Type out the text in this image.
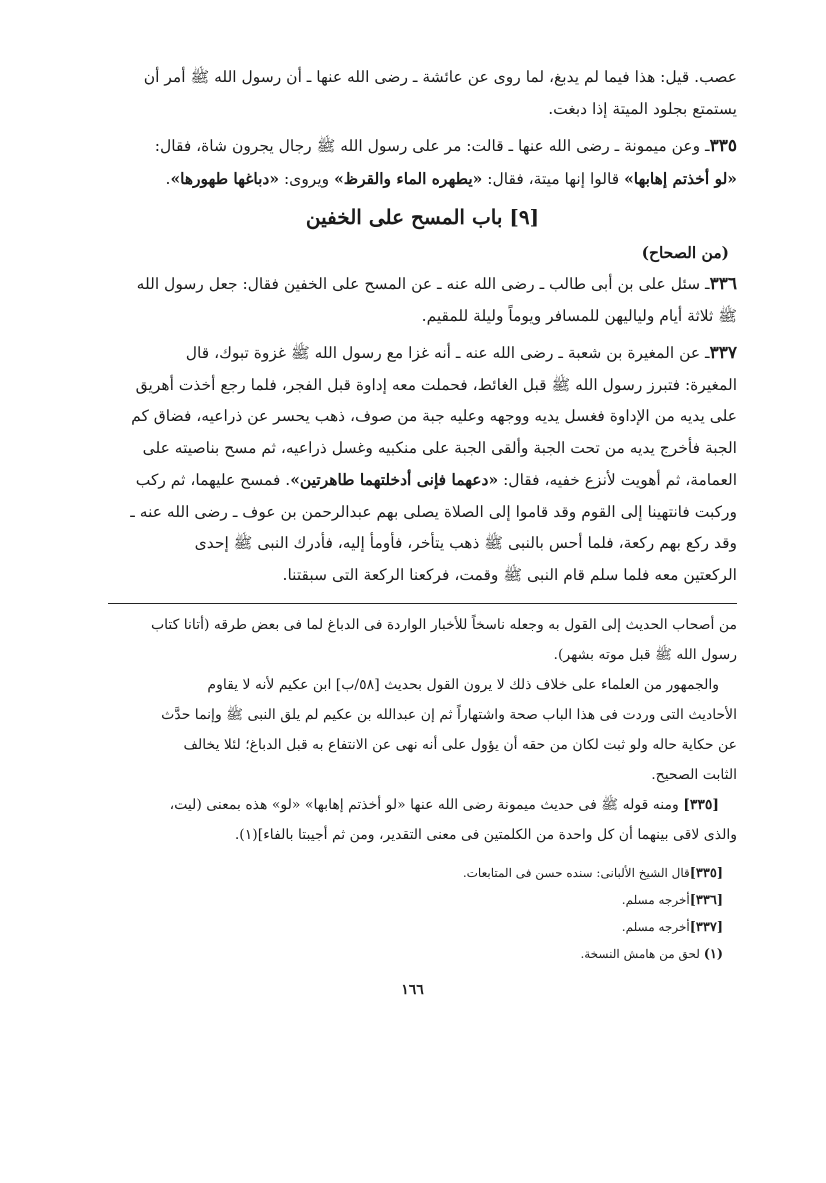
عصب. قيل: هذا فيما لم يدبغ، لما روى عن عائشة ـ رضى الله عنها ـ أن رسول الله ﷺ أمر أن

يستمتع بجلود الميتة إذا دبغت.

٣٣٥ـ وعن ميمونة ـ رضى الله عنها ـ قالت: مر على رسول الله ﷺ رجال يجرون شاة، فقال:

«لو أخذتم إهابها» قالوا إنها ميتة، فقال: «يطهره الماء والقرظ» ويروى: «دباغها طهورها».

[٩] باب المسح على الخفين

(من الصحاح)

٣٣٦ـ سئل على بن أبى طالب ـ رضى الله عنه ـ عن المسح على الخفين فقال: جعل رسول الله

ﷺ ثلاثة أيام ولياليهن للمسافر ويوماً وليلة للمقيم.

٣٣٧ـ عن المغيرة بن شعبة ـ رضى الله عنه ـ أنه غزا مع رسول الله ﷺ غزوة تبوك، قال

المغيرة: فتبرز رسول الله ﷺ قبل الغائط، فحملت معه إداوة قبل الفجر، فلما رجع أخذت أهريق

على يديه من الإداوة فغسل يديه ووجهه وعليه جبة من صوف، ذهب يحسر عن ذراعيه، فضاق كم

الجبة فأخرج يديه من تحت الجبة وألقى الجبة على منكبيه وغسل ذراعيه، ثم مسح بناصيته على

العمامة، ثم أهويت لأنزع خفيه، فقال: «دعهما فإنى أدخلتهما طاهرتين». فمسح عليهما، ثم ركب

وركبت فانتهينا إلى القوم وقد قاموا إلى الصلاة يصلى بهم عبدالرحمن بن عوف ـ رضى الله عنه ـ

وقد ركع بهم ركعة، فلما أحس بالنبى ﷺ ذهب يتأخر، فأومأ إليه، فأدرك النبى ﷺ إحدى

الركعتين معه فلما سلم قام النبى ﷺ وقمت، فركعنا الركعة التى سبقتنا.

من أصحاب الحديث إلى القول به وجعله ناسخاً للأخبار الواردة فى الدباغ لما فى بعض طرقه (أتانا كتاب

رسول الله ﷺ قبل موته بشهر).

والجمهور من العلماء على خلاف ذلك لا يرون القول بحديث [٥٨/ب] ابن عكيم لأنه لا يقاوم

الأحاديث التى وردت فى هذا الباب صحة واشتهاراً ثم إن عبدالله بن عكيم لم يلق النبى ﷺ وإنما حدَّث

عن حكاية حاله ولو ثبت لكان من حقه أن يؤول على أنه نهى عن الانتفاع به قبل الدباغ؛ لئلا يخالف

الثابت الصحيح.

[٣٣٥] ومنه قوله ﷺ فى حديث ميمونة رضى الله عنها «لو أخذتم إهابها» «لو» هذه بمعنى (ليت،

والذى لاقى بينهما أن كل واحدة من الكلمتين فى معنى التقدير، ومن ثم أجيبتا بالفاء](١).

[٣٣٥]قال الشيخ الألبانى: سنده حسن فى المتابعات.
[٣٣٦]أخرجه مسلم.
[٣٣٧]أخرجه مسلم.
(١) لحق من هامش النسخة.
١٦٦
